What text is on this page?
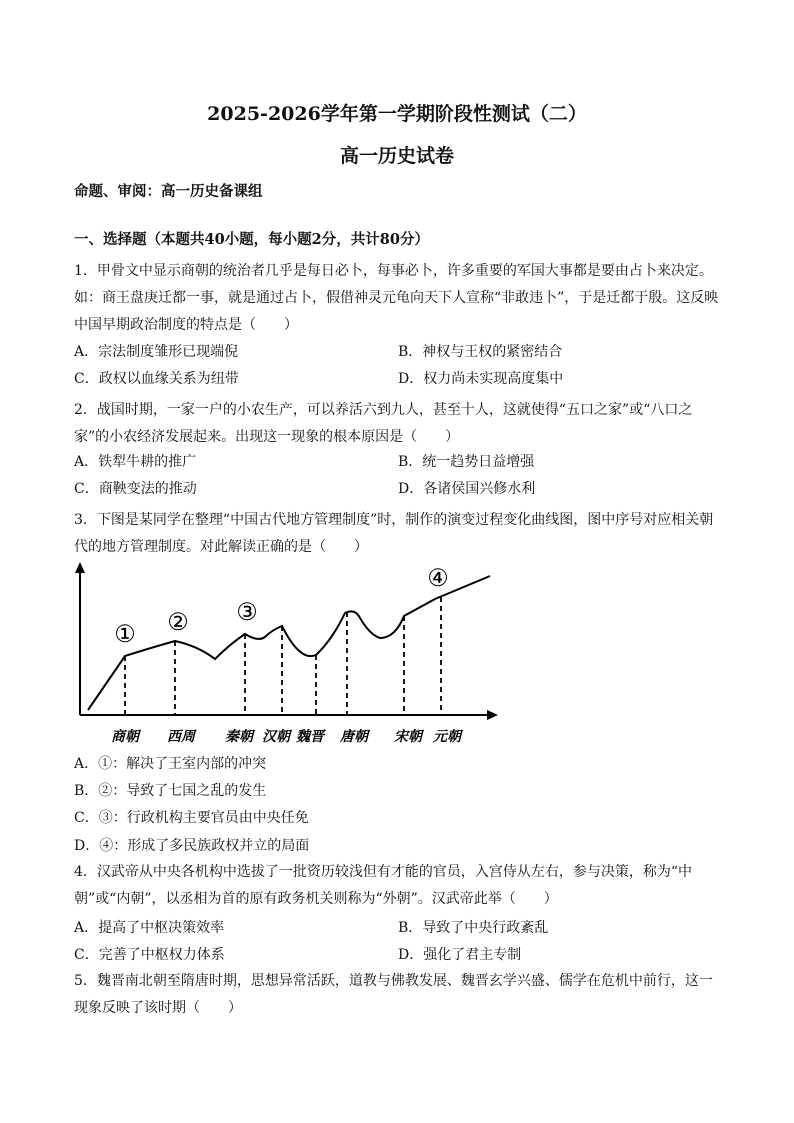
2025-2026学年第一学期阶段性测试（二）
高一历史试卷
命题、审阅：高一历史备课组
一、选择题（本题共40小题，每小题2分，共计80分）
1．甲骨文中显示商朝的统治者几乎是每日必卜，每事必卜，许多重要的军国大事都是要由占卜来决定。如：商王盘庚迁都一事，就是通过占卜，假借神灵元龟向天下人宣称“非敢违卜”，于是迁都于殷。这反映中国早期政治制度的特点是（　　）
A．宗法制度雏形已现端倪	B．神权与王权的紧密结合
C．政权以血缘关系为纽带	D．权力尚未实现高度集中
2．战国时期，一家一户的小农生产，可以养活六到九人，甚至十人，这就使得“五口之家”或“八口之家”的小农经济发展起来。出现这一现象的根本原因是（　　）
A．铁犁牛耕的推广	B．统一趋势日益增强
C．商鞅变法的推动	D．各诸侯国兴修水利
3．下图是某同学在整理“中国古代地方管理制度”时，制作的演变过程变化曲线图，图中序号对应相关朝代的地方管理制度。对此解读正确的是（　　）
① ② ③
④
商朝 西周 秦朝 汉朝 魏晋 唐朝 宋朝 元朝
A．①：解决了王室内部的冲突
B．②：导致了七国之乱的发生
C．③：行政机构主要官员由中央任免
D．④：形成了多民族政权并立的局面
4．汉武帝从中央各机构中选拔了一批资历较浅但有才能的官员，入宫侍从左右，参与决策，称为“中朝”或“内朝”，以丞相为首的原有政务机关则称为“外朝”。汉武帝此举（　　）
A．提高了中枢决策效率	B．导致了中央行政紊乱
C．完善了中枢权力体系	D．强化了君主专制
5．魏晋南北朝至隋唐时期，思想异常活跃，道教与佛教发展、魏晋玄学兴盛、儒学在危机中前行，这一现象反映了该时期（　　）
